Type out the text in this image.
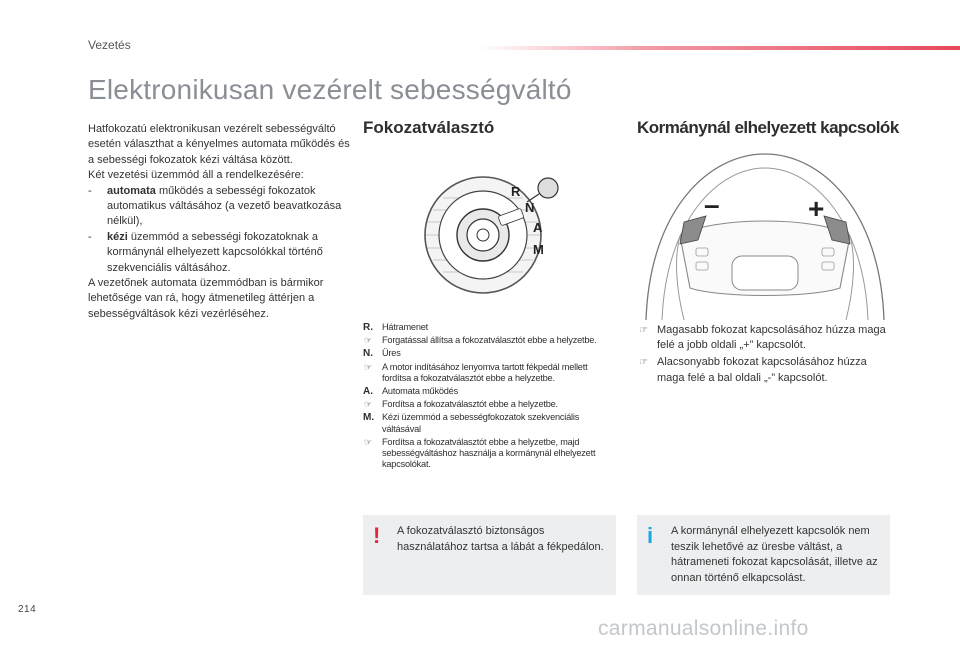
Vezetés
Elektronikusan vezérelt sebességváltó

Hatfokozatú elektronikusan vezérelt sebességváltó esetén választhat a kényelmes automata működés és a sebességi fokozatok kézi váltása között.

Két vezetési üzemmód áll a rendelkezésére:

- automata működés a sebességi fokozatok automatikus váltásához (a vezető beavatkozása nélkül),

- kézi üzemmód a sebességi fokozatoknak a kormánynál elhelyezett kapcsolókkal történő szekvenciális váltásához.

A vezetőnek automata üzemmódban is bármikor lehetősége van rá, hogy átmenetileg áttérjen a sebességváltások kézi vezérléséhez.

Fokozatválasztó	Kormánynál elhelyezett kapcsolók
R
N
A
M
–	+
R. Hátramenet
☞ Forgatással állítsa a fokozatválasztót ebbe a helyzetbe.
N. Üres
☞ A motor indításához lenyomva tartott fékpedál mellett fordítsa a fokozatválasztót ebbe a helyzetbe.
A. Automata működés
☞ Fordítsa a fokozatválasztót ebbe a helyzetbe.
M. Kézi üzemmód a sebességfokozatok szekvenciális váltásával
☞ Fordítsa a fokozatválasztót ebbe a helyzetbe, majd sebességváltáshoz használja a kormánynál elhelyezett kapcsolókat.
☞ Magasabb fokozat kapcsolásához húzza maga felé a jobb oldali „+” kapcsolót.
☞ Alacsonyabb fokozat kapcsolásához húzza maga felé a bal oldali „-” kapcsolót.
! A fokozatválasztó biztonságos használatához tartsa a lábát a fékpedálon. i A kormánynál elhelyezett kapcsolók nem teszik lehetővé az üresbe váltást, a hátrameneti fokozat kapcsolását, illetve az onnan történő elkapcsolást.
214
carmanualsonline.info
